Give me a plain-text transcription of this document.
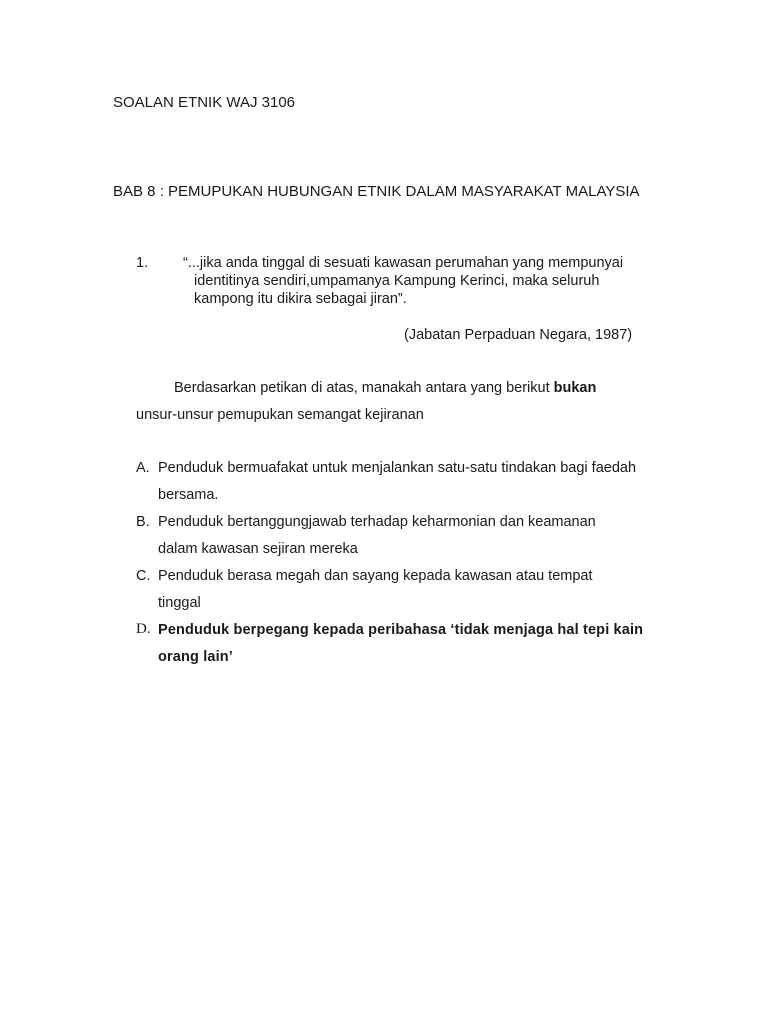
SOALAN ETNIK WAJ 3106
BAB 8 : PEMUPUKAN HUBUNGAN ETNIK DALAM MASYARAKAT MALAYSIA
1. “...jika anda tinggal di sesuati kawasan perumahan yang mempunyai
identitinya sendiri,umpamanya Kampung Kerinci, maka seluruh
kampong itu dikira sebagai jiran”.
(Jabatan Perpaduan Negara, 1987)
Berdasarkan petikan di atas, manakah antara yang berikut bukan
unsur-unsur pemupukan semangat kejiranan
A. Penduduk bermuafakat untuk menjalankan satu-satu tindakan bagi faedah
bersama.
B. Penduduk bertanggungjawab terhadap keharmonian dan keamanan
dalam kawasan sejiran mereka
C. Penduduk berasa megah dan sayang kepada kawasan atau tempat
tinggal
D. Penduduk berpegang kepada peribahasa ‘tidak menjaga hal tepi kain
orang lain’
